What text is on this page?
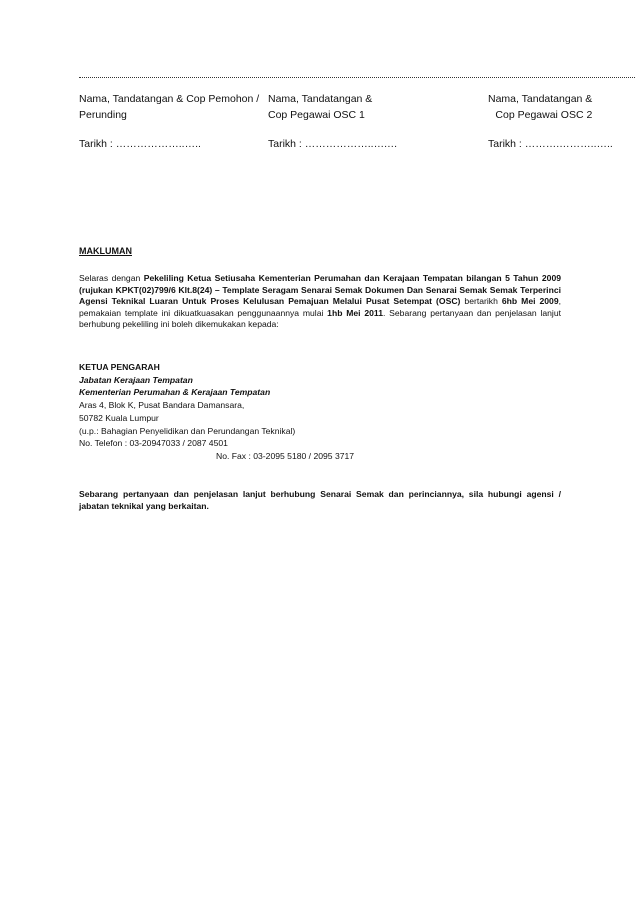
Nama, Tandatangan & Cop Pemohon /
Perunding
Tarikh : ………………..…..
Nama, Tandatangan &
Cop Pegawai OSC 1
Tarikh : ………………..….…
Nama, Tandatangan &
Cop Pegawai OSC 2
Tarikh : ……….………..…..
MAKLUMAN
Selaras dengan Pekeliling Ketua Setiusaha Kementerian Perumahan dan Kerajaan Tempatan bilangan 5 Tahun 2009 (rujukan KPKT(02)799/6 Klt.8(24) – Template Seragam Senarai Semak Dokumen Dan Senarai Semak Semak Terperinci Agensi Teknikal Luaran Untuk Proses Kelulusan Pemajuan Melalui Pusat Setempat (OSC) bertarikh 6hb Mei 2009, pemakaian template ini dikuatkuasakan penggunaannya mulai 1hb Mei 2011. Sebarang pertanyaan dan penjelasan lanjut berhubung pekeliling ini boleh dikemukakan kepada:
KETUA PENGARAH
Jabatan Kerajaan Tempatan
Kementerian Perumahan & Kerajaan Tempatan
Aras 4, Blok K, Pusat Bandara Damansara,
50782 Kuala Lumpur
(u.p.: Bahagian Penyelidikan dan Perundangan Teknikal)
No. Telefon : 03-20947033 / 2087 4501
No. Fax : 03-2095 5180 / 2095 3717
Sebarang pertanyaan dan penjelasan lanjut berhubung Senarai Semak dan perinciannya, sila hubungi agensi / jabatan teknikal yang berkaitan.
